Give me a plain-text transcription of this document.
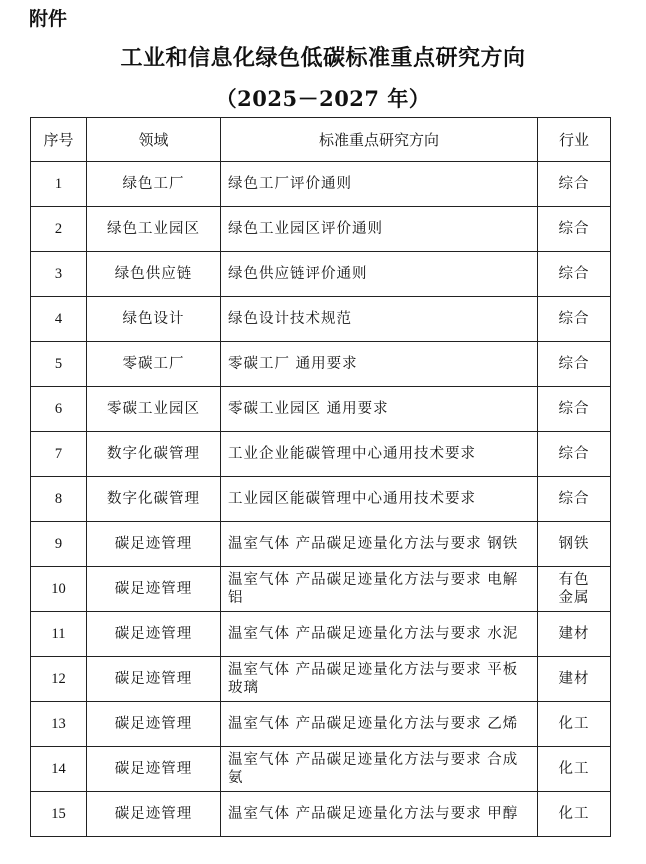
附件
工业和信息化绿色低碳标准重点研究方向
（2025－2027 年）
序号	领域	标准重点研究方向	行业
1	绿色工厂	绿色工厂评价通则	综合
2	绿色工业园区	绿色工业园区评价通则	综合
3	绿色供应链	绿色供应链评价通则	综合
4	绿色设计	绿色设计技术规范	综合
5	零碳工厂	零碳工厂 通用要求	综合
6	零碳工业园区	零碳工业园区 通用要求	综合
7	数字化碳管理	工业企业能碳管理中心通用技术要求	综合
8	数字化碳管理	工业园区能碳管理中心通用技术要求	综合
9	碳足迹管理	温室气体 产品碳足迹量化方法与要求 钢铁	钢铁
10	碳足迹管理	温室气体 产品碳足迹量化方法与要求 电解铝	有色金属
11	碳足迹管理	温室气体 产品碳足迹量化方法与要求 水泥	建材
12	碳足迹管理	温室气体 产品碳足迹量化方法与要求 平板玻璃	建材
13	碳足迹管理	温室气体 产品碳足迹量化方法与要求 乙烯	化工
14	碳足迹管理	温室气体 产品碳足迹量化方法与要求 合成氨	化工
15	碳足迹管理	温室气体 产品碳足迹量化方法与要求 甲醇	化工
